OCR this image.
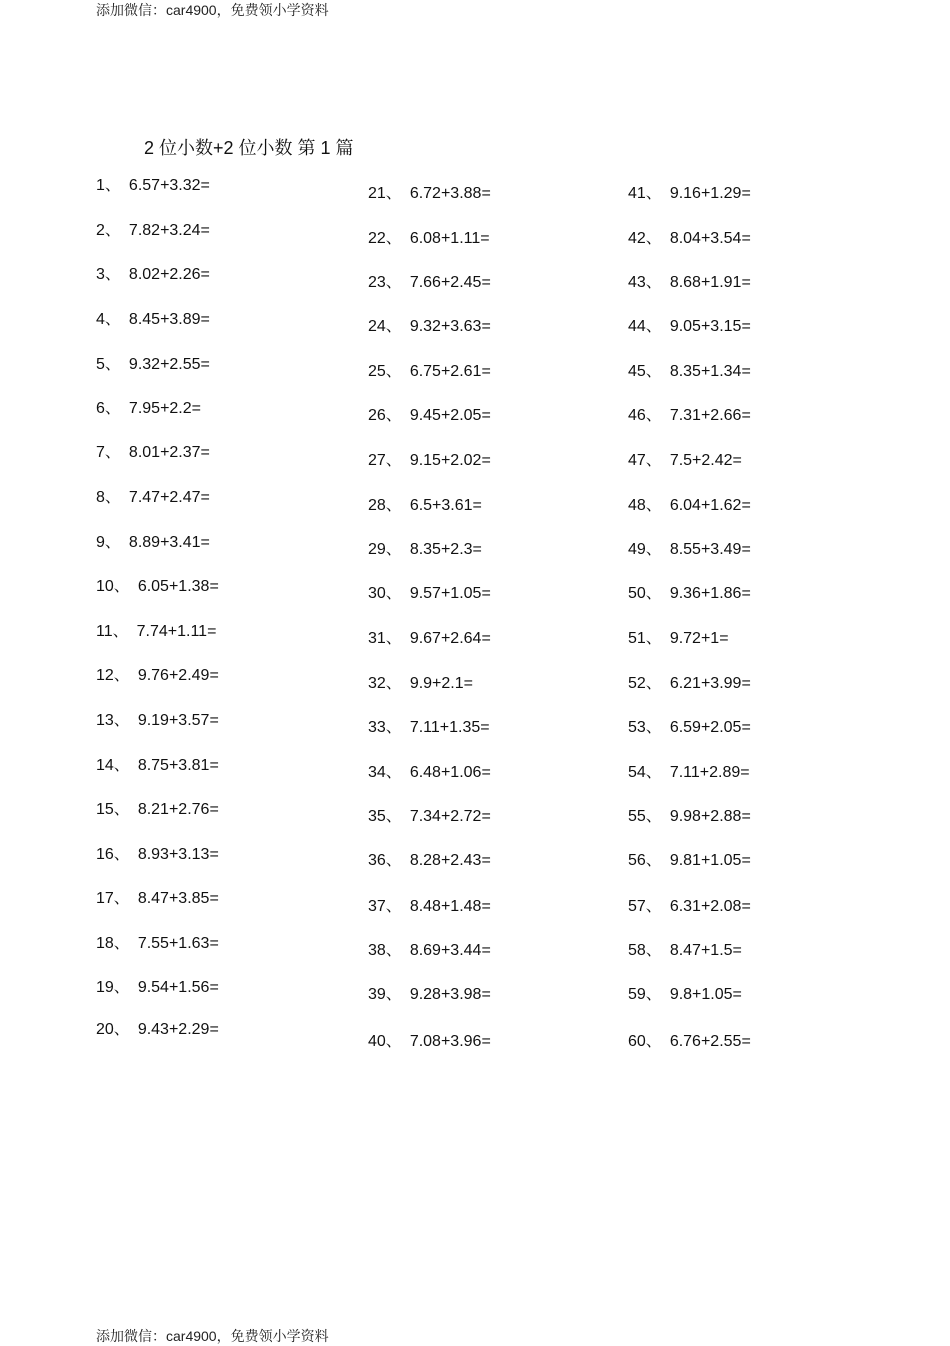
添加微信：car4900，免费领小学资料
2 位小数+2 位小数 第 1 篇
1、 6.57+3.32=
2、 7.82+3.24=
3、 8.02+2.26=
4、 8.45+3.89=
5、 9.32+2.55=
6、 7.95+2.2=
7、 8.01+2.37=
8、 7.47+2.47=
9、 8.89+3.41=
10、 6.05+1.38=
11、 7.74+1.11=
12、 9.76+2.49=
13、 9.19+3.57=
14、 8.75+3.81=
15、 8.21+2.76=
16、 8.93+3.13=
17、 8.47+3.85=
18、 7.55+1.63=
19、 9.54+1.56=
20、 9.43+2.29=
21、 6.72+3.88=
22、 6.08+1.11=
23、 7.66+2.45=
24、 9.32+3.63=
25、 6.75+2.61=
26、 9.45+2.05=
27、 9.15+2.02=
28、 6.5+3.61=
29、 8.35+2.3=
30、 9.57+1.05=
31、 9.67+2.64=
32、 9.9+2.1=
33、 7.11+1.35=
34、 6.48+1.06=
35、 7.34+2.72=
36、 8.28+2.43=
37、 8.48+1.48=
38、 8.69+3.44=
39、 9.28+3.98=
40、 7.08+3.96=
41、 9.16+1.29=
42、 8.04+3.54=
43、 8.68+1.91=
44、 9.05+3.15=
45、 8.35+1.34=
46、 7.31+2.66=
47、 7.5+2.42=
48、 6.04+1.62=
49、 8.55+3.49=
50、 9.36+1.86=
51、 9.72+1=
52、 6.21+3.99=
53、 6.59+2.05=
54、 7.11+2.89=
55、 9.98+2.88=
56、 9.81+1.05=
57、 6.31+2.08=
58、 8.47+1.5=
59、 9.8+1.05=
60、 6.76+2.55=
添加微信：car4900，免费领小学资料
